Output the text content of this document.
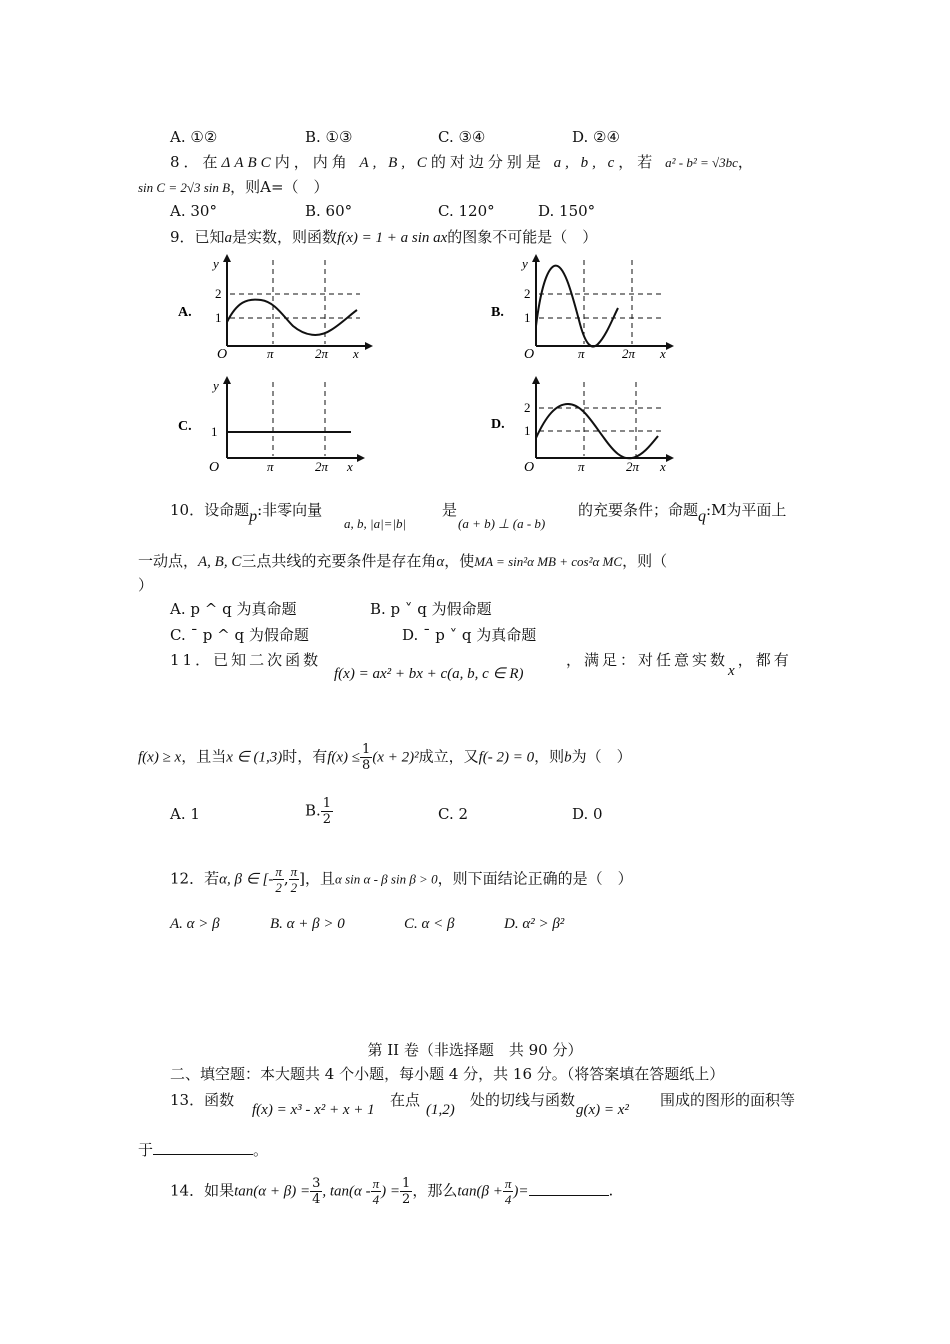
A. ①②	B. ①③	C. ③④	D. ②④
8．在ΔABC内，内角 A, B, C的对边分别是 a, b, c，若 a² - b² = √3bc，
sin C = 2√3 sin B，则A=（　）
A. 30°	B. 60°	C. 120°	D. 150°
9．已知a是实数，则函数f(x) = 1 + a sin ax的图象不可能是（　）
A.
y
O	x
2
1
π	2π
B.
y
O	x
2
1
π	2π
C.
y
O	x
1
π	2π
D.
2
1
O	x
π	2π
10．设命题p:非零向量
a, b, |a|=|b|
是
(a + b) ⊥ (a - b)
的充要条件；命题q:M为平面上
一动点，A, B, C三点共线的充要条件是存在角α，使MA = sin²α MB + cos²α MC，则（
）
A. p ^ q 为真命题	B. p ˅ q 为假命题
C. ¯ p ^ q 为假命题	D. ¯ p ˅ q 为真命题
11．已知二次函数
f(x) = ax² + bx + c(a, b, c ∈ R)
，满足：对任意实数x，都有
f(x) ≥ x，且当x ∈ (1,3)时，有$f(x) \le \frac{1}{8} (x + 2)^2$成立，又f(- 2) = 0，则b为（　）
A. 1	B. $\frac{1}{2}$	C. 2	D. 0
12．若α, β ∈ [- $\frac{\pi}{2}$ , $\frac{\pi}{2}$ ]，且α sin α - β sin β > 0，则下面结论正确的是（　）
A. α > β	B. α + β > 0	C. α < β	D. α² > β²
第 II 卷（非选择题　共 90 分）
二、填空题：本大题共 4 个小题，每小题 4 分，共 16 分。（将答案填在答题纸上）
13．函数
f(x) = x³ - x² + x + 1
在点
(1,2)
处的切线与函数
g(x) = x²
围成的图形的面积等
于	。
14．如果$\tan(\alpha + \beta) = \frac{3}{4}$ , $\tan(\alpha - \frac{\pi}{4}$ ) = $\frac{1}{2}$ ，那么$\tan(\beta + \frac{\pi}{4}$ )=	.
